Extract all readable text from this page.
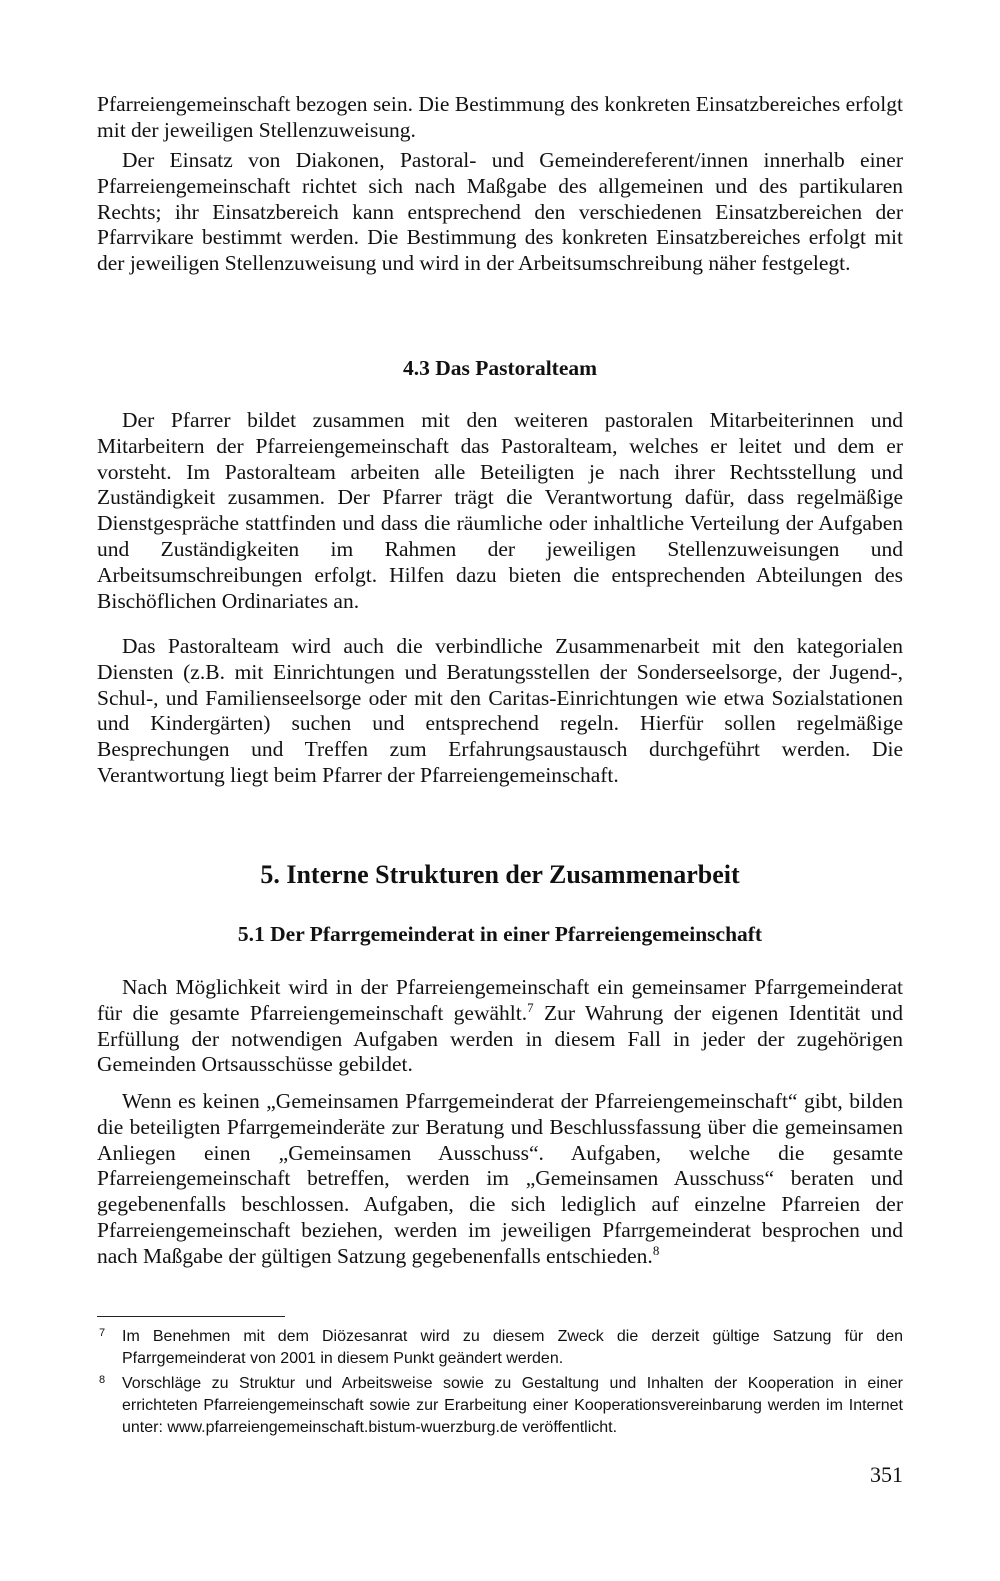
Pfarreiengemeinschaft bezogen sein. Die Bestimmung des konkreten Einsatzbereiches erfolgt mit der jeweiligen Stellenzuweisung.

Der Einsatz von Diakonen, Pastoral- und Gemeindereferent/innen innerhalb einer Pfarreiengemeinschaft richtet sich nach Maßgabe des allgemeinen und des partikularen Rechts; ihr Einsatzbereich kann entsprechend den verschiedenen Einsatzbereichen der Pfarrvikare bestimmt werden. Die Bestimmung des konkreten Einsatzbereiches erfolgt mit der jeweiligen Stellenzuweisung und wird in der Arbeitsumschreibung näher festgelegt.

4.3 Das Pastoralteam

Der Pfarrer bildet zusammen mit den weiteren pastoralen Mitarbeiterinnen und Mitarbeitern der Pfarreiengemeinschaft das Pastoralteam, welches er leitet und dem er vorsteht. Im Pastoralteam arbeiten alle Beteiligten je nach ihrer Rechtsstellung und Zuständigkeit zusammen. Der Pfarrer trägt die Verantwortung dafür, dass regelmäßige Dienstgespräche stattfinden und dass die räumliche oder inhaltliche Verteilung der Aufgaben und Zuständigkeiten im Rahmen der jeweiligen Stellenzuweisungen und Arbeitsumschreibungen erfolgt. Hilfen dazu bieten die entsprechenden Abteilungen des Bischöflichen Ordinariates an.

Das Pastoralteam wird auch die verbindliche Zusammenarbeit mit den kategorialen Diensten (z.B. mit Einrichtungen und Beratungsstellen der Sonderseelsorge, der Jugend-, Schul-, und Familienseelsorge oder mit den Caritas-Einrichtungen wie etwa Sozialstationen und Kindergärten) suchen und entsprechend regeln. Hierfür sollen regelmäßige Besprechungen und Treffen zum Erfahrungsaustausch durchgeführt werden. Die Verantwortung liegt beim Pfarrer der Pfarreiengemeinschaft.

5. Interne Strukturen der Zusammenarbeit
5.1 Der Pfarrgemeinderat in einer Pfarreiengemeinschaft

Nach Möglichkeit wird in der Pfarreiengemeinschaft ein gemeinsamer Pfarrgemeinderat für die gesamte Pfarreiengemeinschaft gewählt.$^7$ Zur Wahrung der eigenen Identität und Erfüllung der notwendigen Aufgaben werden in diesem Fall in jeder der zugehörigen Gemeinden Ortsausschüsse gebildet.

Wenn es keinen „Gemeinsamen Pfarrgemeinderat der Pfarreiengemeinschaft“ gibt, bilden die beteiligten Pfarrgemeinderäte zur Beratung und Beschlussfassung über die gemeinsamen Anliegen einen „Gemeinsamen Ausschuss“. Aufgaben, welche die gesamte Pfarreiengemeinschaft betreffen, werden im „Gemeinsamen Ausschuss“ beraten und gegebenenfalls beschlossen. Aufgaben, die sich lediglich auf einzelne Pfarreien der Pfarreiengemeinschaft beziehen, werden im jeweiligen Pfarrgemeinderat besprochen und nach Maßgabe der gültigen Satzung gegebenenfalls entschieden.$^8$

7 Im Benehmen mit dem Diözesanrat wird zu diesem Zweck die derzeit gültige Satzung für den Pfarrgemeinderat von 2001 in diesem Punkt geändert werden.

8 Vorschläge zu Struktur und Arbeitsweise sowie zu Gestaltung und Inhalten der Kooperation in einer errichteten Pfarreiengemeinschaft sowie zur Erarbeitung einer Kooperationsvereinbarung werden im Internet unter: www.pfarreiengemeinschaft.bistum-wuerzburg.de veröffentlicht.

351
